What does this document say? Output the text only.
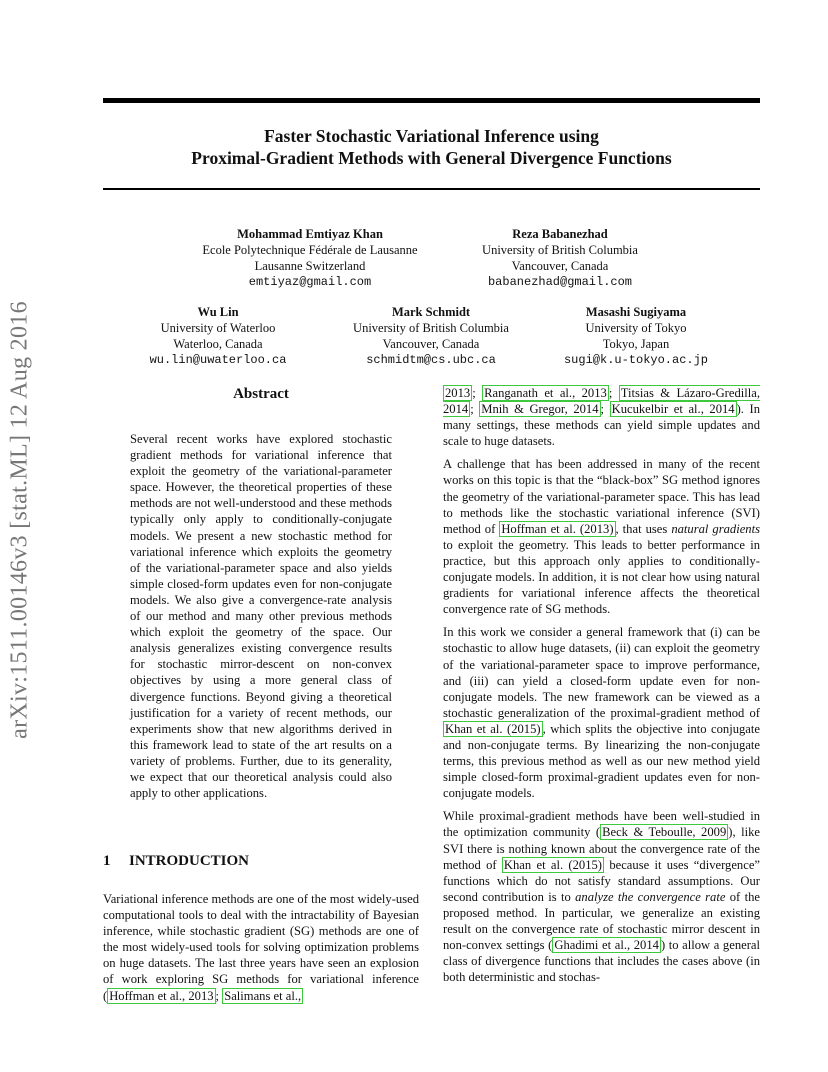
arXiv:1511.00146v3 [stat.ML] 12 Aug 2016
Faster Stochastic Variational Inference using
Proximal-Gradient Methods with General Divergence Functions
Mohammad Emtiyaz Khan
Ecole Polytechnique Fédérale de Lausanne
Lausanne Switzerland
emtiyaz@gmail.com
Reza Babanezhad
University of British Columbia
Vancouver, Canada
babanezhad@gmail.com
Wu Lin
University of Waterloo
Waterloo, Canada
wu.lin@uwaterloo.ca
Mark Schmidt
University of British Columbia
Vancouver, Canada
schmidtm@cs.ubc.ca
Masashi Sugiyama
University of Tokyo
Tokyo, Japan
sugi@k.u-tokyo.ac.jp
Abstract
Several recent works have explored stochastic gradient methods for variational inference that exploit the geometry of the variational-parameter space. However, the theoretical properties of these methods are not well-understood and these methods typically only apply to conditionally-conjugate models. We present a new stochastic method for variational inference which exploits the geometry of the variational-parameter space and also yields simple closed-form updates even for non-conjugate models. We also give a convergence-rate analysis of our method and many other previous methods which exploit the geometry of the space. Our analysis generalizes existing convergence results for stochastic mirror-descent on non-convex objectives by using a more general class of divergence functions. Beyond giving a theoretical justification for a variety of recent methods, our experiments show that new algorithms derived in this framework lead to state of the art results on a variety of problems. Further, due to its generality, we expect that our theoretical analysis could also apply to other applications.
1 INTRODUCTION
Variational inference methods are one of the most widely-used computational tools to deal with the intractability of Bayesian inference, while stochastic gradient (SG) methods are one of the most widely-used tools for solving optimization problems on huge datasets. The last three years have seen an explosion of work exploring SG methods for variational inference ( Hoffman et al., 2013 ; Salimans et al.,

2013 ; Ranganath et al., 2013 ; Titsias & Lázaro-Gredilla, 2014 ; Mnih & Gregor, 2014 ; Kucukelbir et al., 2014 ). In many settings, these methods can yield simple updates and scale to huge datasets.

A challenge that has been addressed in many of the recent works on this topic is that the “black-box” SG method ignores the geometry of the variational-parameter space. This has lead to methods like the stochastic variational inference (SVI) method of Hoffman et al. (2013) , that uses natural gradients to exploit the geometry. This leads to better performance in practice, but this approach only applies to conditionally-conjugate models. In addition, it is not clear how using natural gradients for variational inference affects the theoretical convergence rate of SG methods.

In this work we consider a general framework that (i) can be stochastic to allow huge datasets, (ii) can exploit the geometry of the variational-parameter space to improve performance, and (iii) can yield a closed-form update even for non-conjugate models. The new framework can be viewed as a stochastic generalization of the proximal-gradient method of Khan et al. (2015) , which splits the objective into conjugate and non-conjugate terms. By linearizing the non-conjugate terms, this previous method as well as our new method yield simple closed-form proximal-gradient updates even for non-conjugate models.

While proximal-gradient methods have been well-studied in the optimization community ( Beck & Teboulle, 2009 ), like SVI there is nothing known about the convergence rate of the method of Khan et al. (2015) because it uses “divergence” functions which do not satisfy standard assumptions. Our second contribution is to analyze the convergence rate of the proposed method. In particular, we generalize an existing result on the convergence rate of stochastic mirror descent in non-convex settings ( Ghadimi et al., 2014 ) to allow a general class of divergence functions that includes the cases above (in both deterministic and stochas-
